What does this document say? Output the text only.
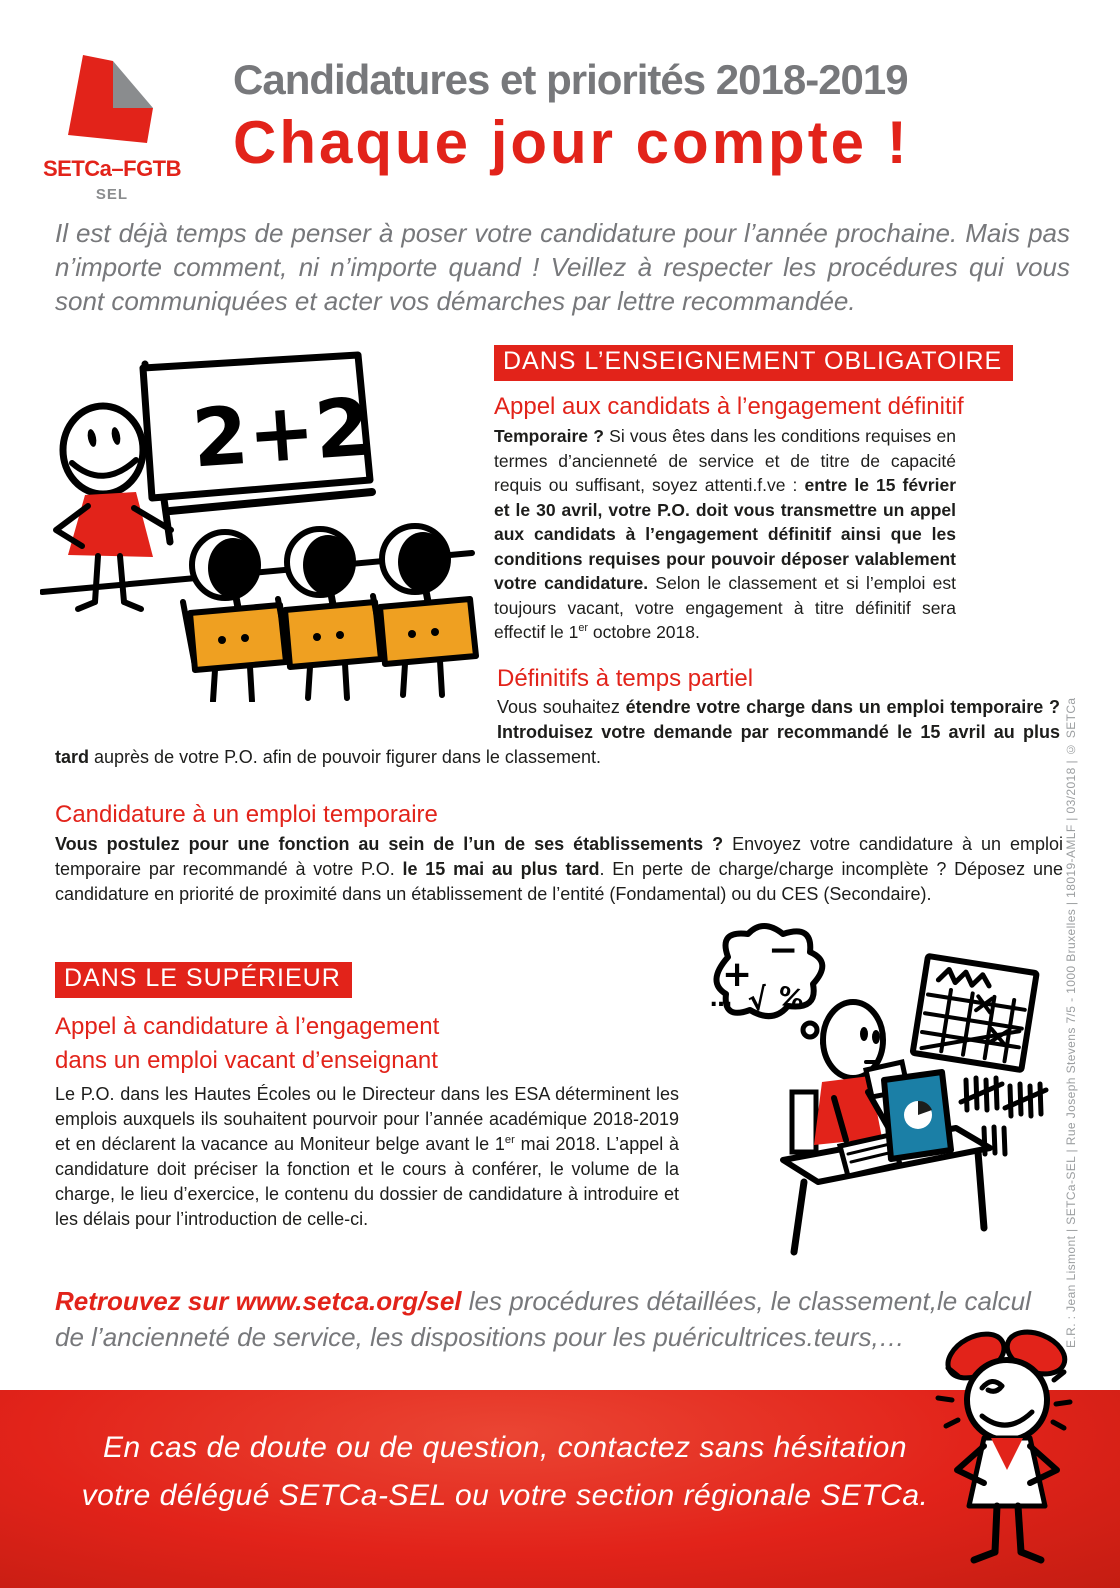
SETCa–FGTB
SEL
Candidatures et priorités 2018-2019
Chaque jour compte !
Il est déjà temps de penser à poser votre candidature pour l’année prochaine. Mais pas n’importe comment, ni n’importe quand ! Veillez à respecter les procédures qui vous sont communiquées et acter vos démarches par lettre recommandée.
2+2
DANS L’ENSEIGNEMENT OBLIGATOIRE
Appel aux candidats à l’engagement définitif
Temporaire ? Si vous êtes dans les conditions requises en termes d’ancienneté de service et de titre de capacité requis ou suffisant, soyez attenti.f.ve : entre le 15 février et le 30 avril, votre P.O. doit vous transmettre un appel aux candidats à l’engagement définitif ainsi que les conditions requises pour pouvoir déposer valablement votre candidature. Selon le classement et si l’emploi est toujours vacant, votre engagement à titre définitif sera effectif le 1er octobre 2018.
Définitifs à temps partiel
Vous souhaitez étendre votre charge dans un emploi temporaire ? Introduisez votre demande par recommandé le 15 avril au plus tard auprès de votre P.O. afin de pouvoir figurer dans le classement.
Candidature à un emploi temporaire
Vous postulez pour une fonction au sein de l’un de ses établissements ? Envoyez votre candidature à un emploi temporaire par recommandé à votre P.O. le 15 mai au plus tard. En perte de charge/charge incomplète ? Déposez une candidature en priorité de proximité dans un établissement de l’entité (Fondamental) ou du CES (Secondaire).
DANS LE SUPÉRIEUR
Appel à candidature à l’engagement
dans un emploi vacant d’enseignant
Le P.O. dans les Hautes Écoles ou le Directeur dans les ESA déterminent les emplois auxquels ils souhaitent pourvoir pour l’année académique 2018-2019 et en déclarent la vacance au Moniteur belge avant le 1er mai 2018. L’appel à candidature doit préciser la fonction et le cours à conférer, le volume de la charge, le lieu d’exercice, le contenu du dossier de candidature à introduire et les délais pour l’introduction de celle-ci.
+
−
√ %
…
Retrouvez sur www.setca.org/sel les procédures détaillées, le classement,le calcul de l’ancienneté de service, les dispositions pour les puéricultrices.teurs,…	E.R. : Jean Lismont | SETCa-SEL | Rue Joseph Stevens 7/5 - 1000 Bruxelles | 18019-AMLF | 03/2018 | © SETCa
En cas de doute ou de question, contactez sans hésitation
votre délégué SETCa-SEL ou votre section régionale SETCa.
